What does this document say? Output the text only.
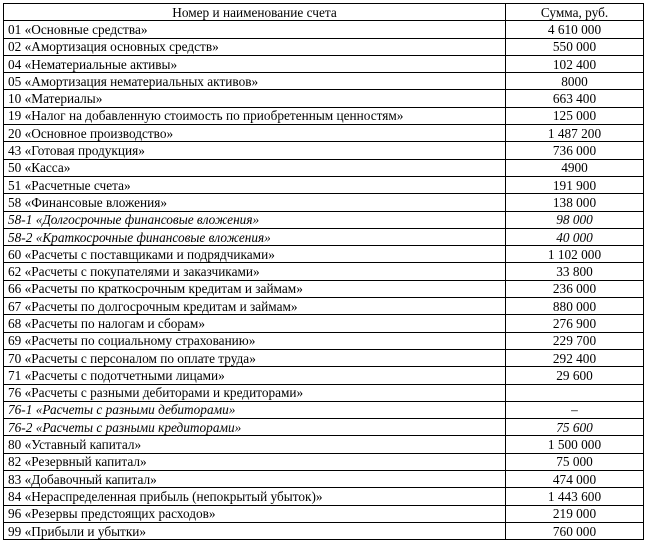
Номер и наименование счета	Сумма, руб.
01 «Основные средства»	4 610 000
02 «Амортизация основных средств»	550 000
04 «Нематериальные активы»	102 400
05 «Амортизация нематериальных активов»	8000
10 «Материалы»	663 400
19 «Налог на добавленную стоимость по приобретенным ценностям»	125 000
20 «Основное производство»	1 487 200
43 «Готовая продукция»	736 000
50 «Касса»	4900
51 «Расчетные счета»	191 900
58 «Финансовые вложения»	138 000
58-1 «Долгосрочные финансовые вложения»	98 000
58-2 «Краткосрочные финансовые вложения»	40 000
60 «Расчеты с поставщиками и подрядчиками»	1 102 000
62 «Расчеты с покупателями и заказчиками»	33 800
66 «Расчеты по краткосрочным кредитам и займам»	236 000
67 «Расчеты по долгосрочным кредитам и займам»	880 000
68 «Расчеты по налогам и сборам»	276 900
69 «Расчеты по социальному страхованию»	229 700
70 «Расчеты с персоналом по оплате труда»	292 400
71 «Расчеты с подотчетными лицами»	29 600
76 «Расчеты с разными дебиторами и кредиторами»	
76-1 «Расчеты с разными дебиторами»	–
76-2 «Расчеты с разными кредиторами»	75 600
80 «Уставный капитал»	1 500 000
82 «Резервный капитал»	75 000
83 «Добавочный капитал»	474 000
84 «Нераспределенная прибыль (непокрытый убыток)»	1 443 600
96 «Резервы предстоящих расходов»	219 000
99 «Прибыли и убытки»	760 000
